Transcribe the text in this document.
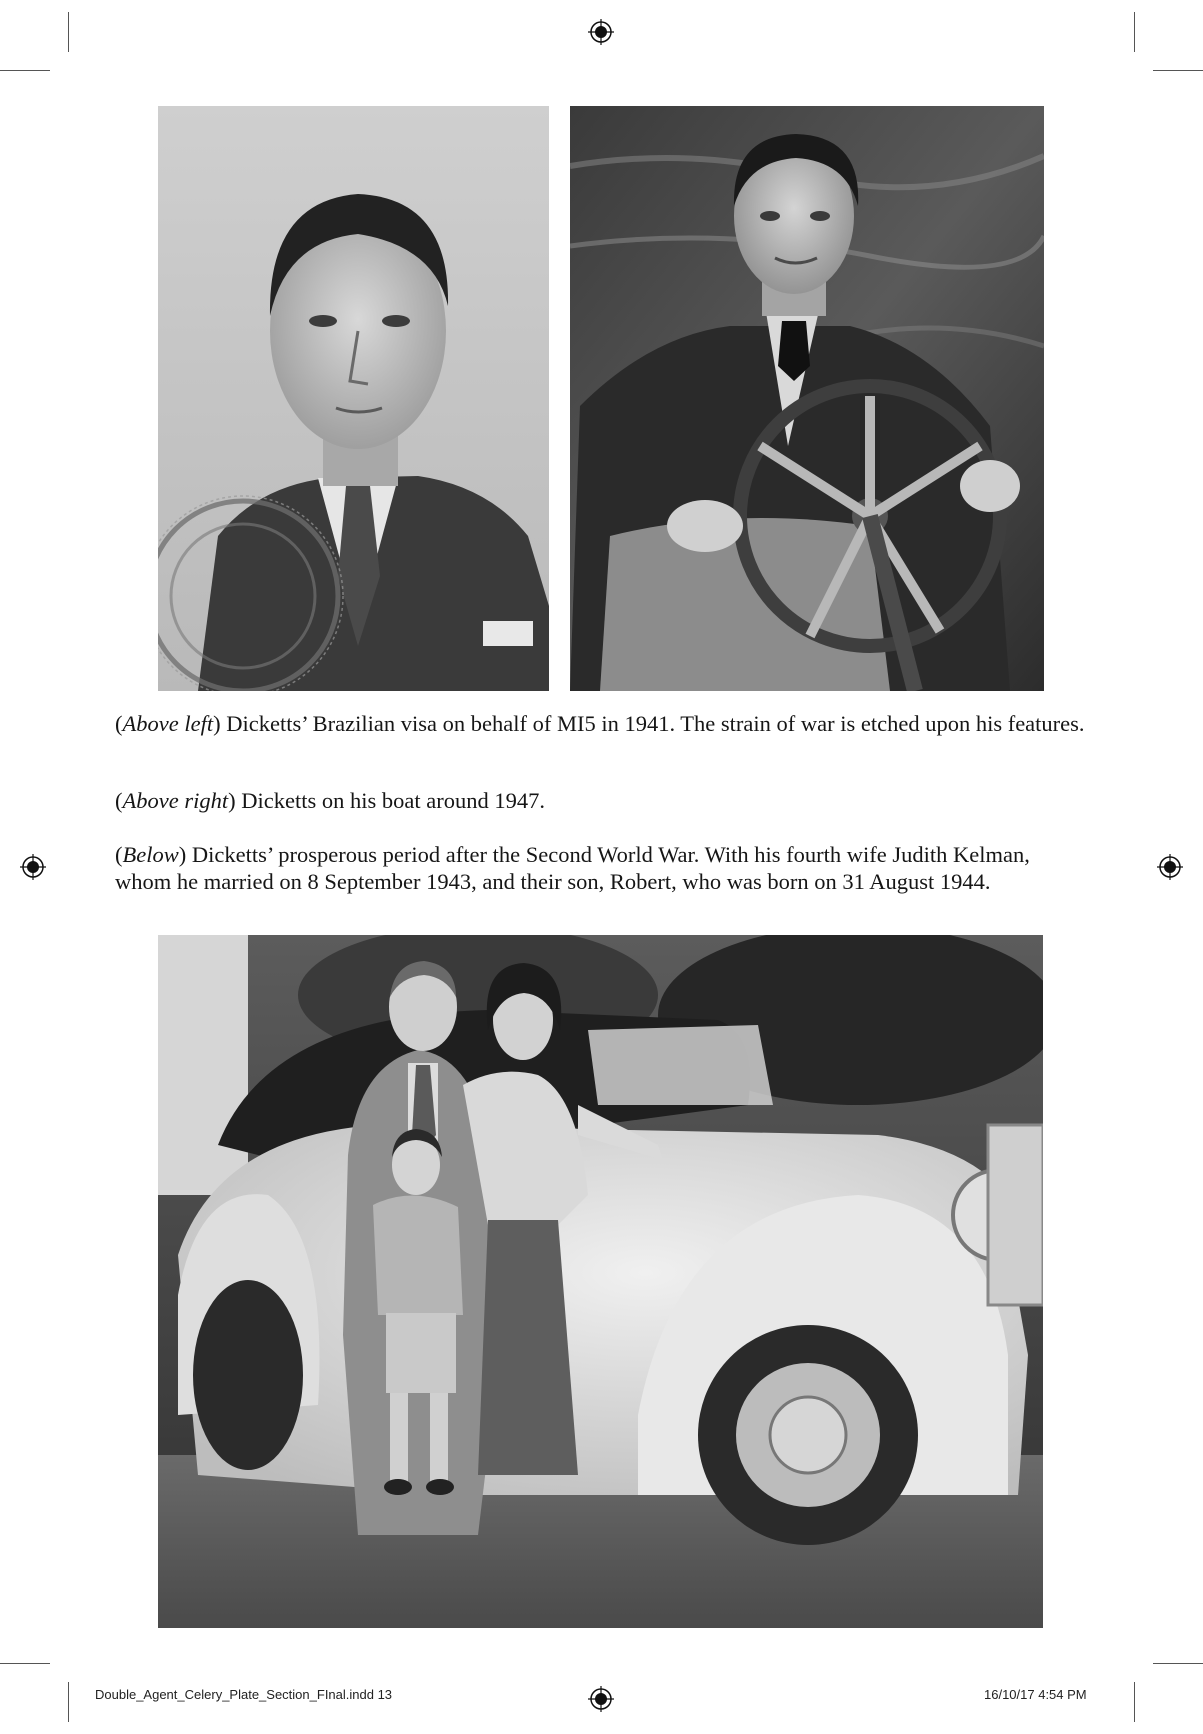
(Above left) Dicketts’ Brazilian visa on behalf of MI5 in 1941. The strain of war is etched upon his features.

(Above right) Dicketts on his boat around 1947.

(Below) Dicketts’ prosperous period after the Second World War. With his fourth wife Judith Kelman, whom he married on 8 September 1943, and their son, Robert, who was born on 31 August 1944.

Double_Agent_Celery_Plate_Section_FInal.indd 13	16/10/17 4:54 PM
